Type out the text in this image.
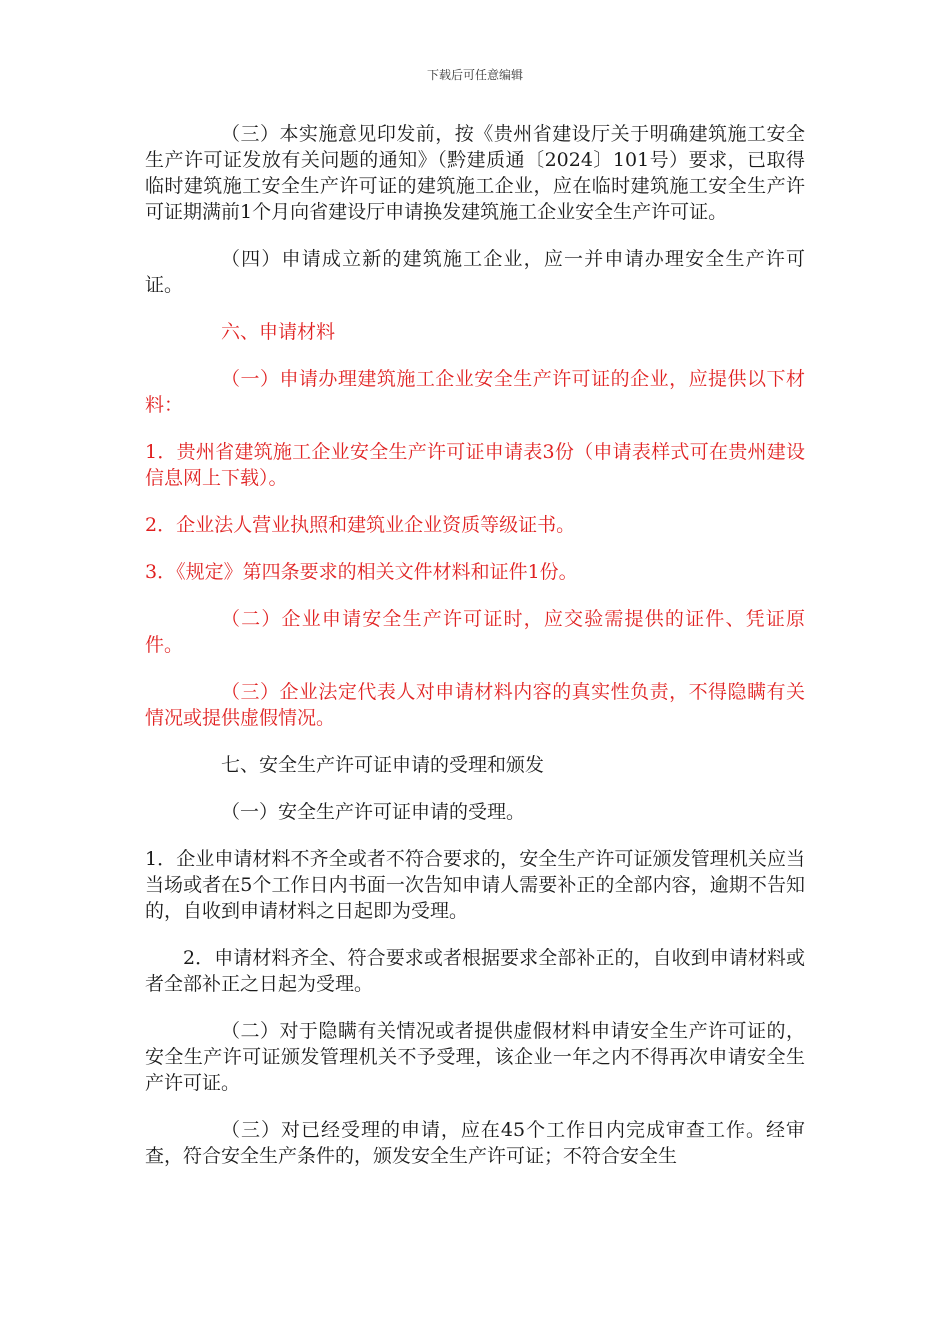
下载后可任意编辑

（三）本实施意见印发前，按《贵州省建设厅关于明确建筑施工安全生产许可证发放有关问题的通知》（黔建质通〔2024〕101号）要求，已取得临时建筑施工安全生产许可证的建筑施工企业，应在临时建筑施工安全生产许可证期满前1个月向省建设厅申请换发建筑施工企业安全生产许可证。

（四）申请成立新的建筑施工企业，应一并申请办理安全生产许可证。

六、申请材料

（一）申请办理建筑施工企业安全生产许可证的企业，应提供以下材料：

1．贵州省建筑施工企业安全生产许可证申请表3份（申请表样式可在贵州建设信息网上下载）。

2．企业法人营业执照和建筑业企业资质等级证书。

3．《规定》第四条要求的相关文件材料和证件1份。

（二）企业申请安全生产许可证时，应交验需提供的证件、凭证原件。

（三）企业法定代表人对申请材料内容的真实性负责，不得隐瞒有关情况或提供虚假情况。

七、安全生产许可证申请的受理和颁发

（一）安全生产许可证申请的受理。

1．企业申请材料不齐全或者不符合要求的，安全生产许可证颁发管理机关应当当场或者在5个工作日内书面一次告知申请人需要补正的全部内容，逾期不告知的，自收到申请材料之日起即为受理。

2．申请材料齐全、符合要求或者根据要求全部补正的，自收到申请材料或者全部补正之日起为受理。

（二）对于隐瞒有关情况或者提供虚假材料申请安全生产许可证的，安全生产许可证颁发管理机关不予受理，该企业一年之内不得再次申请安全生产许可证。

（三）对已经受理的申请，应在45个工作日内完成审查工作。经审查，符合安全生产条件的，颁发安全生产许可证；不符合安全生
